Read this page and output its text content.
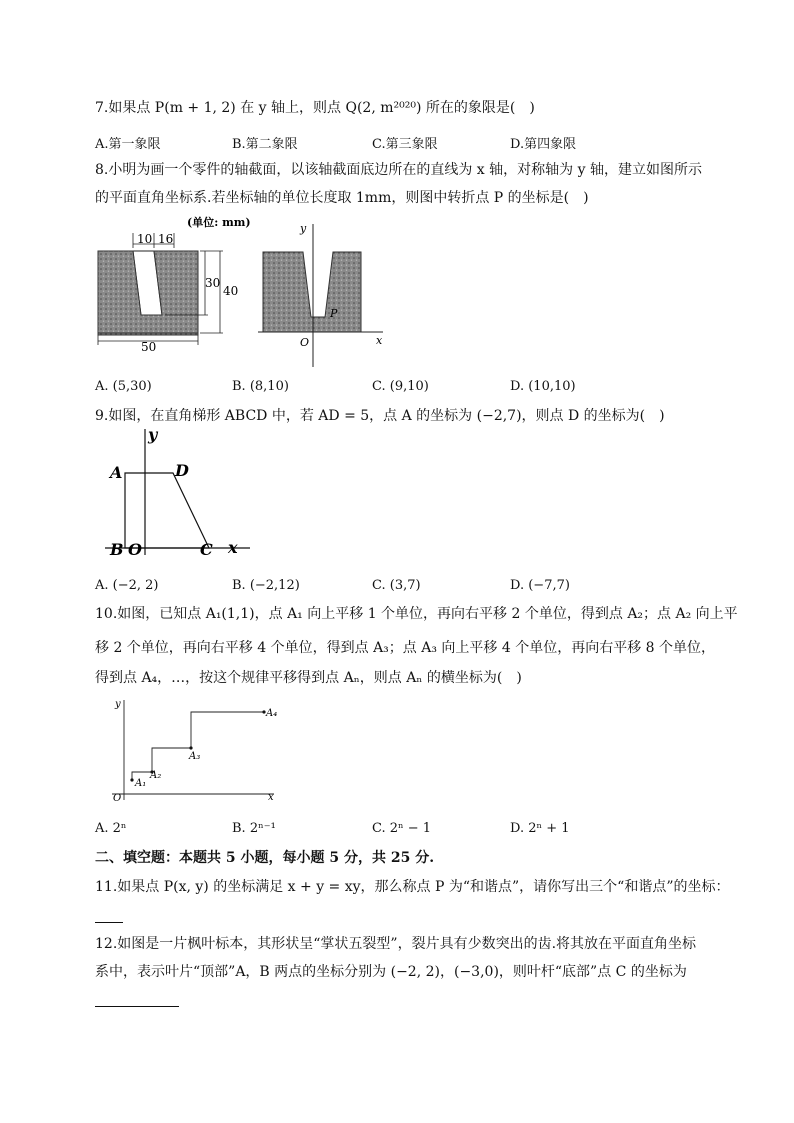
7.如果点 P(m + 1, 2) 在 y 轴上，则点 Q(2, m²⁰²⁰) 所在的象限是(　)
A.第一象限	B.第二象限	C.第三象限	D.第四象限
8.小明为画一个零件的轴截面，以该轴截面底边所在的直线为 x 轴，对称轴为 y 轴，建立如图所示
的平面直角坐标系.若坐标轴的单位长度取 1mm，则图中转折点 P 的坐标是(　)
(单位: mm)
10 16
30
40
50
y
x
O
P
A. (5,30)	B. (8,10)	C. (9,10)	D. (10,10)
9.如图，在直角梯形 ABCD 中，若 AD = 5，点 A 的坐标为 (−2,7)，则点 D 的坐标为(　)
y
A	D
B O	C x
A. (−2, 2)	B. (−2,12)	C. (3,7)	D. (−7,7)
10.如图，已知点 A₁(1,1)，点 A₁ 向上平移 1 个单位，再向右平移 2 个单位，得到点 A₂；点 A₂ 向上平
移 2 个单位，再向右平移 4 个单位，得到点 A₃；点 A₃ 向上平移 4 个单位，再向右平移 8 个单位，
得到点 A₄，…，按这个规律平移得到点 Aₙ，则点 Aₙ 的横坐标为(　)
y
A₁
A₂
A₃
A₄
O	x
A. 2ⁿ	B. 2ⁿ⁻¹	C. 2ⁿ − 1	D. 2ⁿ + 1
二、填空题：本题共 5 小题，每小题 5 分，共 25 分.
11.如果点 P(x, y) 的坐标满足 x + y = xy，那么称点 P 为“和谐点”，请你写出三个“和谐点”的坐标：
12.如图是一片枫叶标本，其形状呈“掌状五裂型”，裂片具有少数突出的齿.将其放在平面直角坐标
系中，表示叶片“顶部”A，B 两点的坐标分别为 (−2, 2)，(−3,0)，则叶杆“底部”点 C 的坐标为
